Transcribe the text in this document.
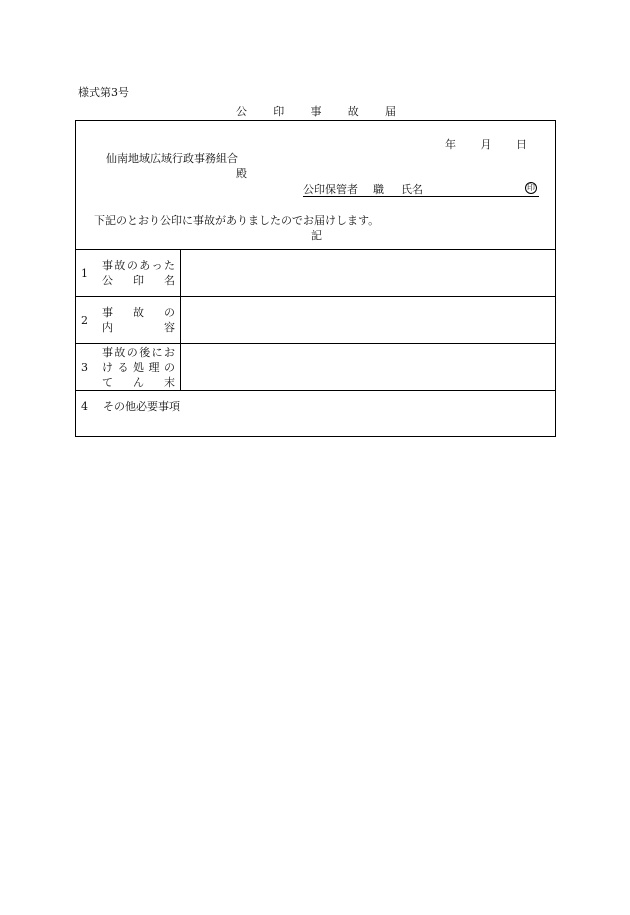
様式第3号
公 印 事 故 届
年 月 日
仙南地域広域行政事務組合
殿
公印保管者 職 氏名	印
下記のとおり公印に事故がありましたのでお届けします。
記
1
事故のあった
公 印 名
2
事 故 の
内 容
3
事故の後にお
け る 処 理 の
て ん 末
4 その他必要事項
